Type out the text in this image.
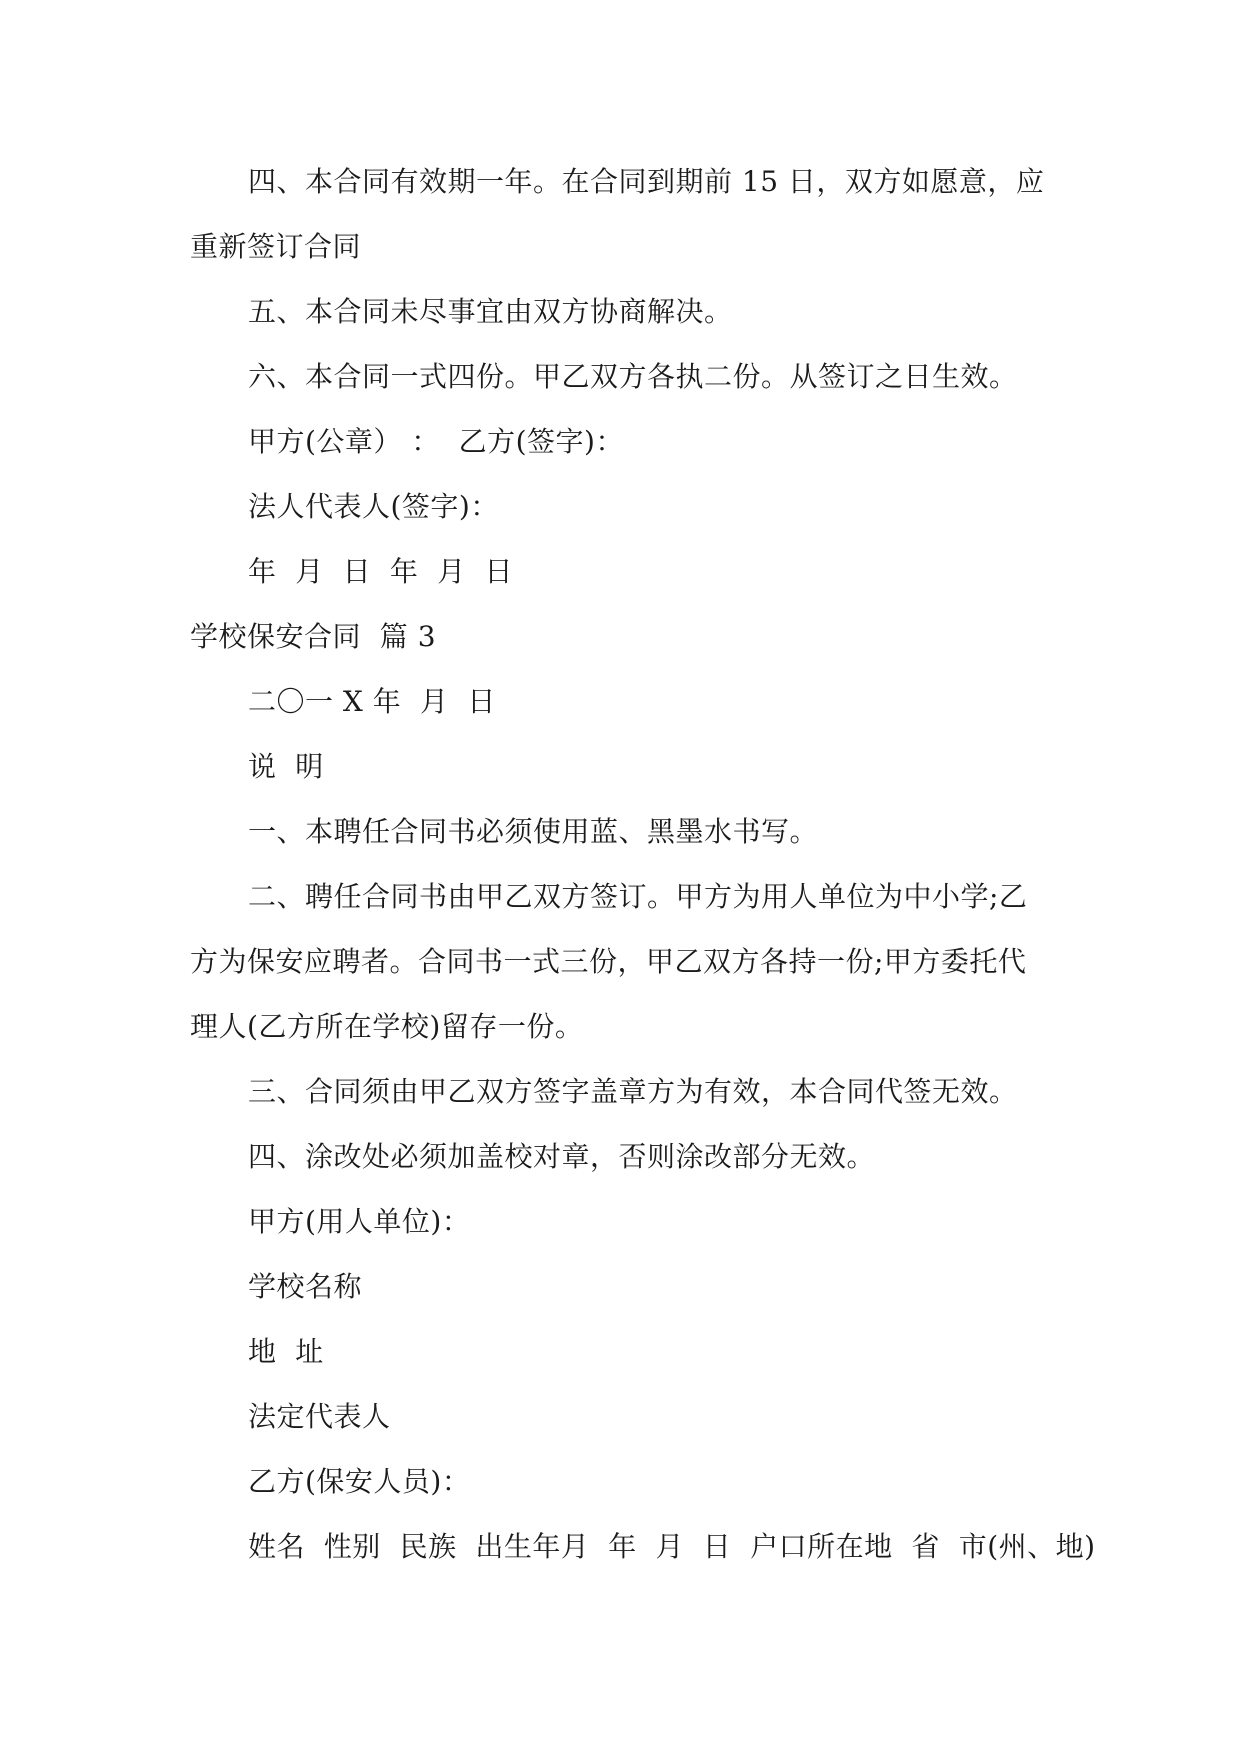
四、本合同有效期一年。在合同到期前 15 日，双方如愿意，应
重新签订合同
五、本合同未尽事宜由双方协商解决。
六、本合同一式四份。甲乙双方各执二份。从签订之日生效。
甲方(公章） ：  乙方(签字)：
法人代表人(签字)：
年  月  日  年  月  日
学校保安合同  篇 3
二〇一 X 年  月  日
说  明
一、本聘任合同书必须使用蓝、黑墨水书写。
二、聘任合同书由甲乙双方签订。甲方为用人单位为中小学;乙
方为保安应聘者。合同书一式三份，甲乙双方各持一份;甲方委托代
理人(乙方所在学校)留存一份。
三、合同须由甲乙双方签字盖章方为有效，本合同代签无效。
四、涂改处必须加盖校对章，否则涂改部分无效。
甲方(用人单位)：
学校名称
地  址
法定代表人
乙方(保安人员)：
姓名  性别  民族  出生年月  年  月  日  户口所在地  省  市(州、地)
